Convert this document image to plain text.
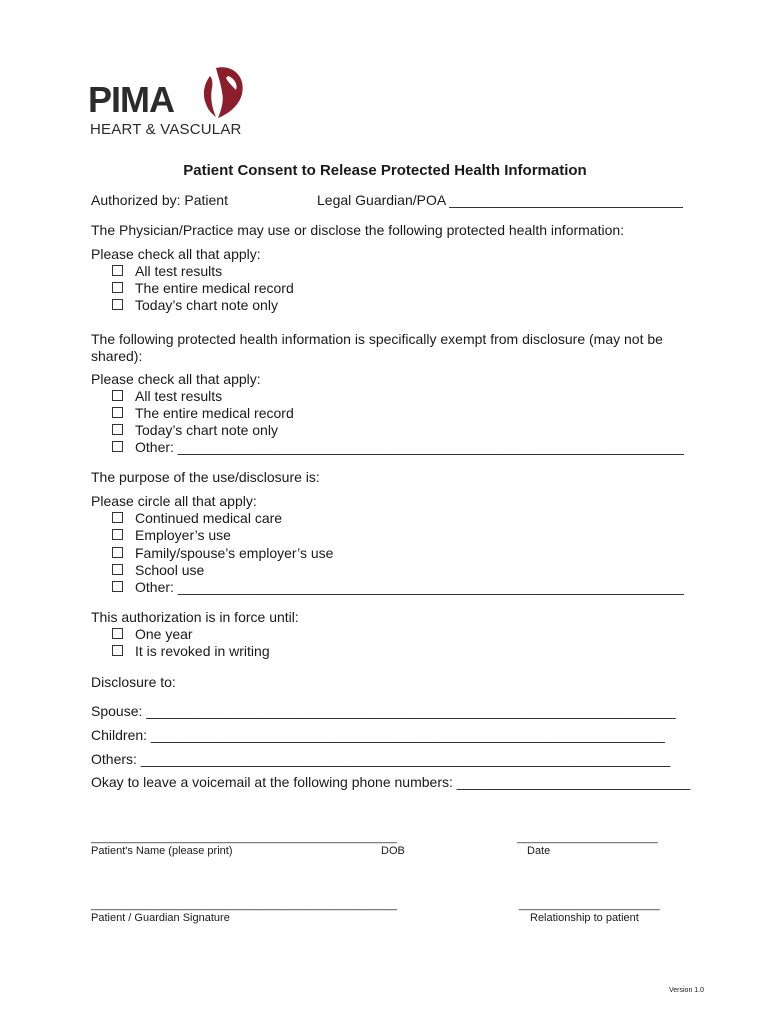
PIMA
HEART & VASCULAR
Patient Consent to Release Protected Health Information
Authorized by: Patient	Legal Guardian/POA ______________________________
The Physician/Practice may use or disclose the following protected health information:
Please check all that apply:
All test results
The entire medical record
Today’s chart note only
The following protected health information is specifically exempt from disclosure (may not be
shared):
Please check all that apply:
All test results
The entire medical record
Today’s chart note only
Other: _________________________________________________________________
The purpose of the use/disclosure is:
Please circle all that apply:
Continued medical care
Employer’s use
Family/spouse’s employer’s use
School use
Other: _________________________________________________________________
This authorization is in force until:
One year
It is revoked in writing
Disclosure to:
Spouse: ____________________________________________________________________
Children: __________________________________________________________________
Others: ____________________________________________________________________
Okay to leave a voicemail at the following phone numbers: ______________________________
__________________________________________________	_______________________
Patient's Name (please print)	DOB	Date
__________________________________________________	_______________________
Patient / Guardian Signature	Relationship to patient
Version 1.0
